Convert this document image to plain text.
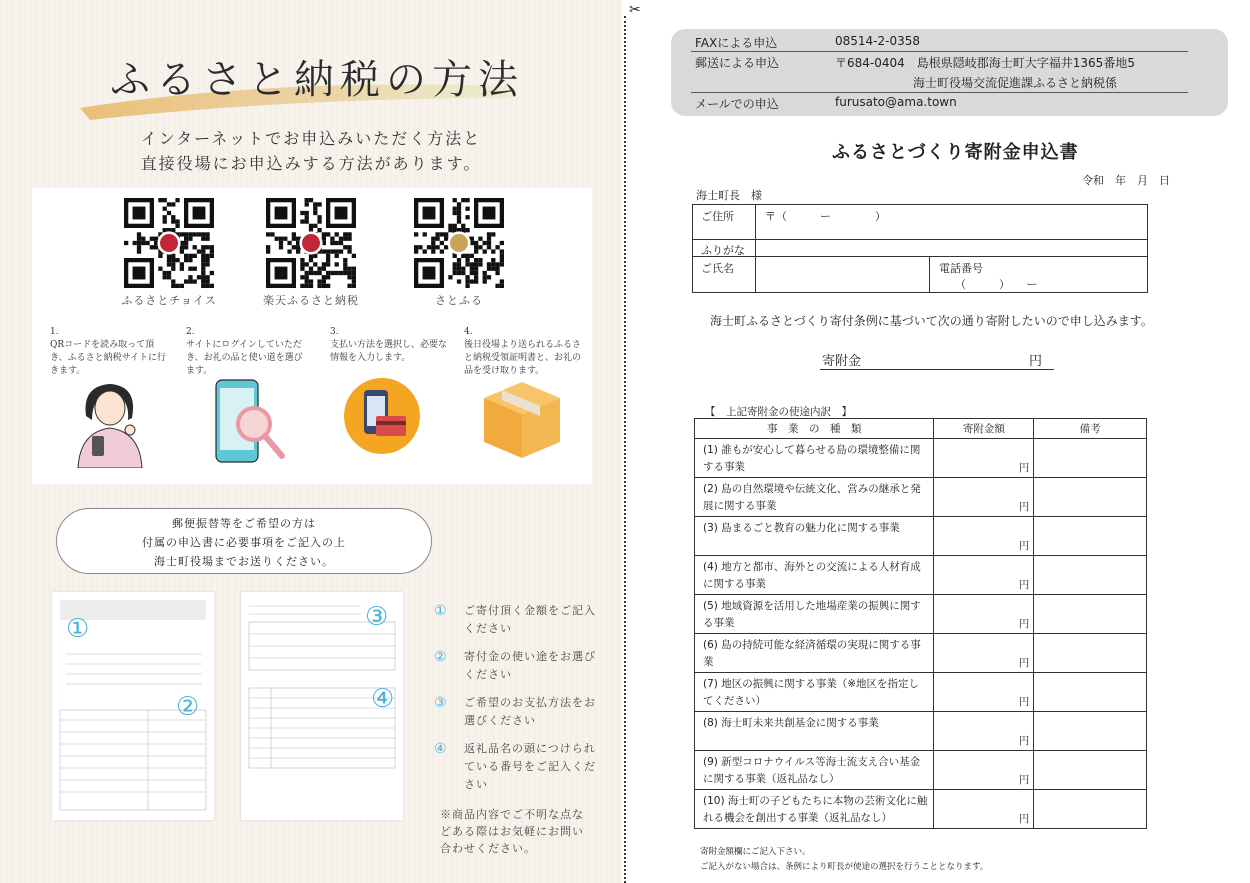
ふるさと納税の方法
インターネットでお申込みいただく方法と
直接役場にお申込みする方法があります。
ふるさとチョイス	楽天ふるさと納税	さとふる
1.
QRコードを読み取って頂き、ふるさと納税サイトに行きます。
2.
サイトにログインしていただき、お礼の品と使い道を選びます。
3.
支払い方法を選択し、必要な情報を入力します。
4.
後日役場より送られるふるさと納税受領証明書と、お礼の品を受け取ります。
郵便振替等をご希望の方は
付属の申込書に必要事項をご記入の上
海士町役場までお送りください。
①
②
③
④
① ご寄付頂く金額をご記入ください
② 寄付金の使い途をお選びください
③ ご希望のお支払方法をお選びください
④ 返礼品名の頭につけられている番号をご記入ください
※商品内容でご不明な点などある際はお気軽にお問い合わせください。
✂
FAXによる申込	08514-2-0358
郵送による申込	〒684-0404　島根県隠岐郡海士町大字福井1365番地5
海士町役場交流促進課ふるさと納税係
メールでの申込	furusato@ama.town
ふるさとづくり寄附金申込書
令和　年　月　日
海士町長　様
ご住所	〒（　　　ー　　　　）
ふりがな
ご氏名	電話番号
（　　　）　　ー
海士町ふるさとづくり寄付条例に基づいて次の通り寄附したいので申し込みます。
寄附金	円
【　上記寄附金の使途内訳　】
事　業　の　種　類	寄附金額	備考
(1) 誰もが安心して暮らせる島の環境整備に関する事業	円	
(2) 島の自然環境や伝統文化、営みの継承と発展に関する事業	円	
(3) 島まるごと教育の魅力化に関する事業	円	
(4) 地方と都市、海外との交流による人材育成に関する事業	円	
(5) 地域資源を活用した地場産業の振興に関する事業	円	
(6) 島の持続可能な経済循環の実現に関する事業	円	
(7) 地区の振興に関する事業（※地区を指定してください）	円	
(8) 海士町未来共創基金に関する事業	円	
(9) 新型コロナウイルス等海士流支え合い基金に関する事業（返礼品なし）	円	
(10) 海士町の子どもたちに本物の芸術文化に触れる機会を創出する事業（返礼品なし）	円	
寄附金額欄にご記入下さい。
ご記入がない場合は、条例により町長が使途の選択を行うこととなります。
